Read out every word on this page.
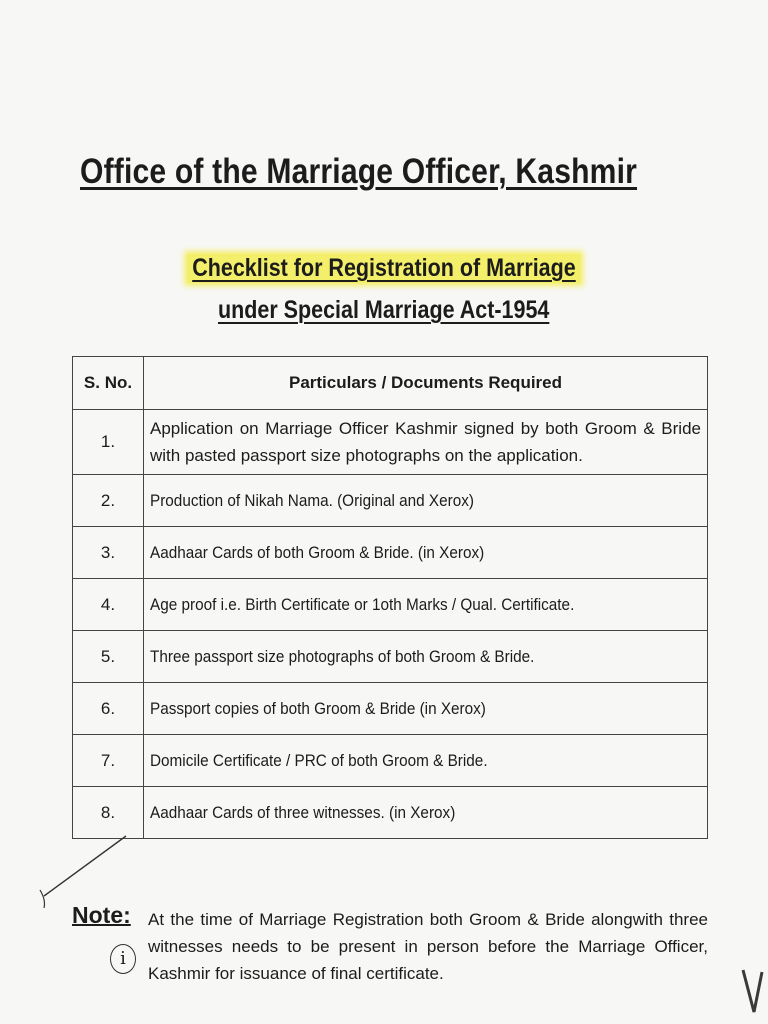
Office of the Marriage Officer, Kashmir
Checklist for Registration of Marriage
under Special Marriage Act-1954
S. No.	Particulars / Documents Required
1.	Application on Marriage Officer Kashmir signed by both Groom & Bride with pasted passport size photographs on the application.
2.	Production of Nikah Nama. (Original and Xerox)
3.	Aadhaar Cards of both Groom & Bride. (in Xerox)
4.	Age proof i.e. Birth Certificate or 1oth Marks / Qual. Certificate.
5.	Three passport size photographs of both Groom & Bride.
6.	Passport copies of both Groom & Bride (in Xerox)
7.	Domicile Certificate / PRC of both Groom & Bride.
8.	Aadhaar Cards of three witnesses. (in Xerox)
Note: At the time of Marriage Registration both Groom & Bride alongwith three witnesses needs to be present in person before the Marriage Officer, Kashmir for issuance of final certificate.
i
